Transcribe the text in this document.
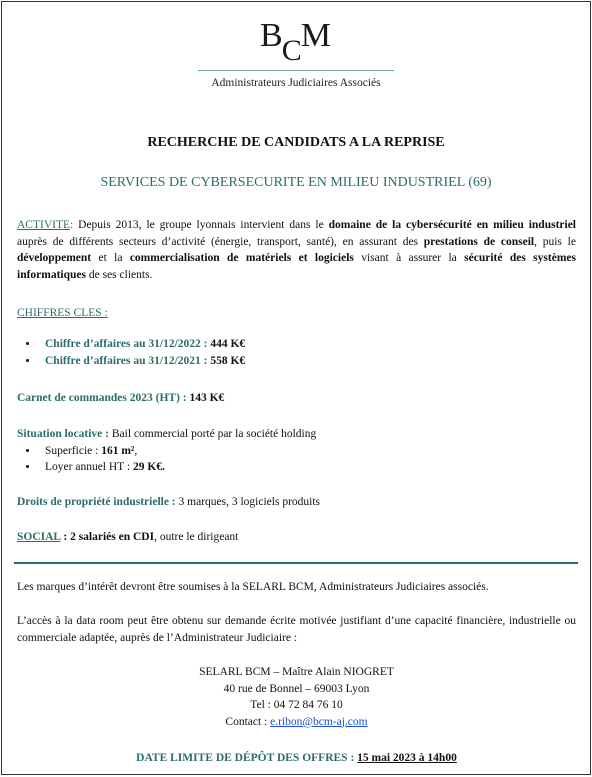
BCM
Administrateurs Judiciaires Associés
RECHERCHE DE CANDIDATS A LA REPRISE
SERVICES DE CYBERSECURITE EN MILIEU INDUSTRIEL (69)
ACTIVITE: Depuis 2013, le groupe lyonnais intervient dans le domaine de la cybersécurité en milieu industriel auprès de différents secteurs d’activité (énergie, transport, santé), en assurant des prestations de conseil, puis le développement et la commercialisation de matériels et logiciels visant à assurer la sécurité des systèmes informatiques de ses clients.
CHIFFRES CLES :
• Chiffre d’affaires au 31/12/2022 : 444 K€
• Chiffre d’affaires au 31/12/2021 : 558 K€
Carnet de commandes 2023 (HT) : 143 K€
Situation locative : Bail commercial porté par la société holding
• Superficie : 161 m²,
• Loyer annuel HT : 29 K€.
Droits de propriété industrielle : 3 marques, 3 logiciels produits
SOCIAL : 2 salariés en CDI, outre le dirigeant
Les marques d’intérêt devront être soumises à la SELARL BCM, Administrateurs Judiciaires associés.
L’accès à la data room peut être obtenu sur demande écrite motivée justifiant d’une capacité financière, industrielle ou commerciale adaptée, auprès de l’Administrateur Judiciaire :
SELARL BCM – Maître Alain NIOGRET
40 rue de Bonnel – 69003 Lyon
Tel : 04 72 84 76 10
Contact : e.ribon@bcm-aj.com
DATE LIMITE DE DÉPÔT DES OFFRES : 15 mai 2023 à 14h00
